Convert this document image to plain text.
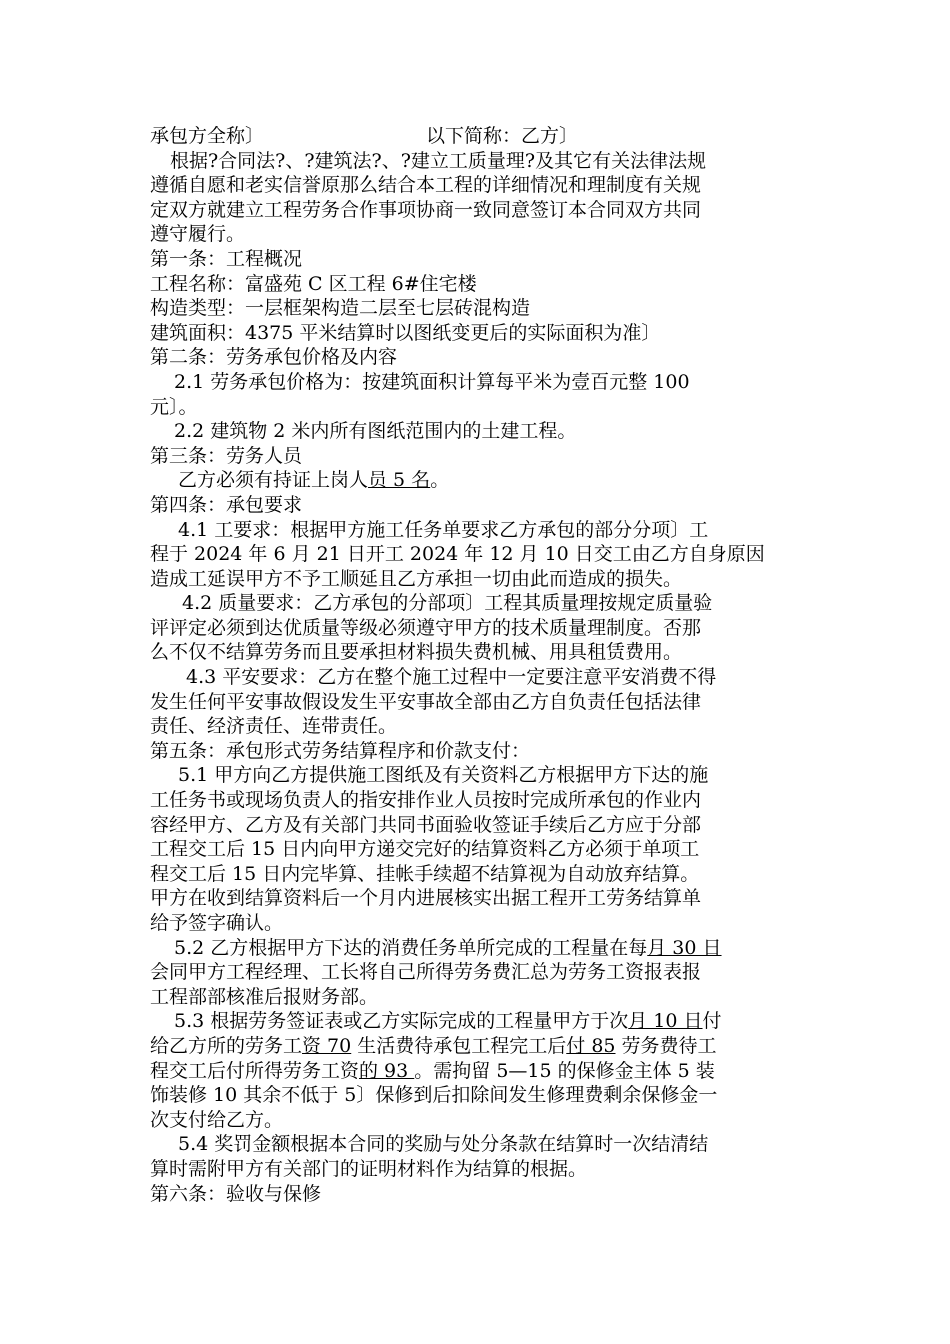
承包方全称〕	以下简称：乙方〕

根据?合同法?、?建筑法?、?建立工质量理?及其它有关法律法规

遵循自愿和老实信誉原那么结合本工程的详细情况和理制度有关规

定双方就建立工程劳务合作事项协商一致同意签订本合同双方共同

遵守履行。

第一条：工程概况

工程名称：富盛苑 C 区工程 6#住宅楼

构造类型：一层框架构造二层至七层砖混构造

建筑面积：4375 平米结算时以图纸变更后的实际面积为准〕

第二条：劳务承包价格及内容

2.1 劳务承包价格为：按建筑面积计算每平米为壹百元整 100

元〕。

2.2 建筑物 2 米内所有图纸范围内的土建工程。

第三条：劳务人员

乙方必须有持证上岗人员 5 名。

第四条：承包要求

4.1 工要求：根据甲方施工任务单要求乙方承包的部分分项〕工

程于 2024 年 6 月 21 日开工 2024 年 12 月 10 日交工由乙方自身原因

造成工延误甲方不予工顺延且乙方承担一切由此而造成的损失。

4.2 质量要求：乙方承包的分部项〕工程其质量理按规定质量验

评评定必须到达优质量等级必须遵守甲方的技术质量理制度。否那

么不仅不结算劳务而且要承担材料损失费机械、用具租赁费用。

4.3 平安要求：乙方在整个施工过程中一定要注意平安消费不得

发生任何平安事故假设发生平安事故全部由乙方自负责任包括法律

责任、经济责任、连带责任。

第五条：承包形式劳务结算程序和价款支付：

5.1 甲方向乙方提供施工图纸及有关资料乙方根据甲方下达的施

工任务书或现场负责人的指安排作业人员按时完成所承包的作业内

容经甲方、乙方及有关部门共同书面验收签证手续后乙方应于分部

工程交工后 15 日内向甲方递交完好的结算资料乙方必须于单项工

程交工后 15 日内完毕算、挂帐手续超不结算视为自动放弃结算。

甲方在收到结算资料后一个月内进展核实出据工程开工劳务结算单

给予签字确认。

5.2 乙方根据甲方下达的消费任务单所完成的工程量在每月 30 日

会同甲方工程经理、工长将自己所得劳务费汇总为劳务工资报表报

工程部部核准后报财务部。

5.3 根据劳务签证表或乙方实际完成的工程量甲方于次月 10 日付

给乙方所的劳务工资 70 生活费待承包工程完工后付 85 劳务费待工

程交工后付所得劳务工资的 93 。需拘留 5—15 的保修金主体 5 装

饰装修 10 其余不低于 5〕保修到后扣除间发生修理费剩余保修金一

次支付给乙方。

5.4 奖罚金额根据本合同的奖励与处分条款在结算时一次结清结

算时需附甲方有关部门的证明材料作为结算的根据。

第六条：验收与保修
